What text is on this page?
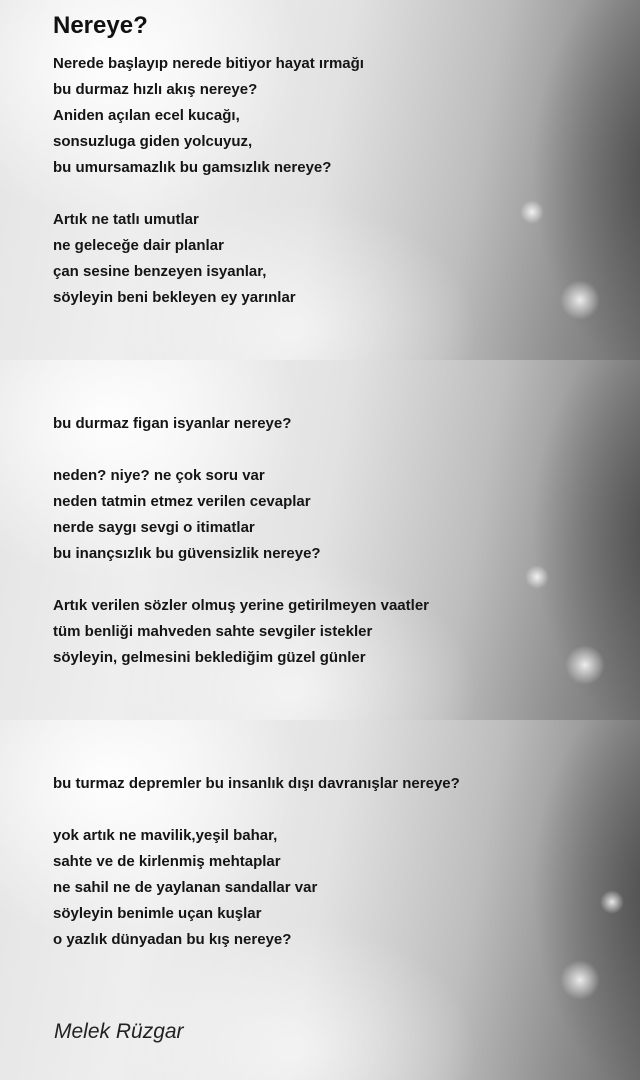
Nereye?
Nerede başlayıp nerede bitiyor hayat ırmağı
bu durmaz hızlı akış nereye?
Aniden açılan ecel kucağı,
sonsuzluga giden yolcuyuz,
bu umursamazlık bu gamsızlık nereye?
Artık ne tatlı umutlar
ne geleceğe dair planlar
çan sesine benzeyen isyanlar,
söyleyin beni bekleyen ey yarınlar
bu durmaz figan isyanlar nereye?
neden? niye? ne çok soru var
neden tatmin etmez verilen cevaplar
nerde saygı sevgi o itimatlar
bu inançsızlık bu güvensizlik nereye?
Artık verilen sözler olmuş yerine getirilmeyen vaatler
tüm benliği mahveden sahte sevgiler istekler
söyleyin, gelmesini beklediğim güzel günler
bu turmaz depremler bu insanlık dışı davranışlar nereye?
yok artık ne mavilik,yeşil bahar,
sahte ve de kirlenmiş mehtaplar
ne sahil ne de yaylanan sandallar var
söyleyin benimle uçan kuşlar
o yazlık dünyadan bu kış nereye?

Melek Rüzgar
